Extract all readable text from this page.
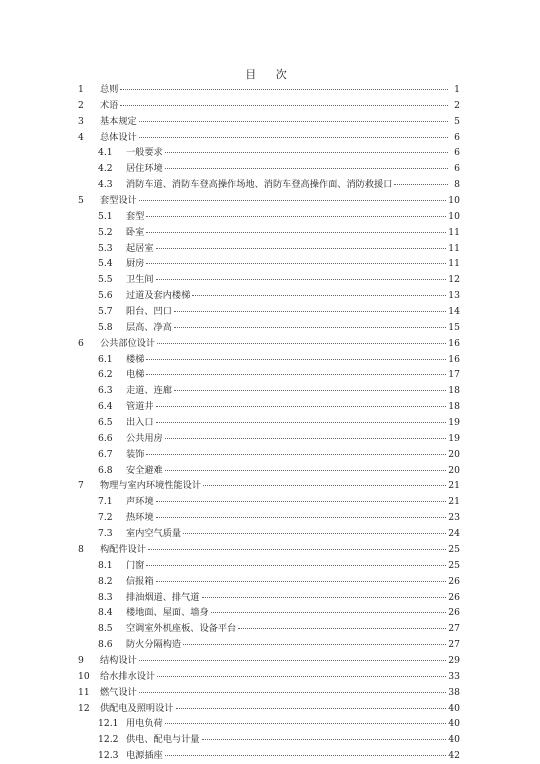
目 次
1	总则	1
2	术语	2
3	基本规定	5
4	总体设计	6
4.1	一般要求	6
4.2	居住环境	6
4.3	消防车道、消防车登高操作场地、消防车登高操作面、消防救援口	8
5	套型设计	10
5.1	套型	10
5.2	卧室	11
5.3	起居室	11
5.4	厨房	11
5.5	卫生间	12
5.6	过道及套内楼梯	13
5.7	阳台、凹口	14
5.8	层高、净高	15
6	公共部位设计	16
6.1	楼梯	16
6.2	电梯	17
6.3	走道、连廊	18
6.4	管道井	18
6.5	出入口	19
6.6	公共用房	19
6.7	装饰	20
6.8	安全避难	20
7	物理与室内环境性能设计	21
7.1	声环境	21
7.2	热环境	23
7.3	室内空气质量	24
8	构配件设计	25
8.1	门窗	25
8.2	信报箱	26
8.3	排油烟道、排气道	26
8.4	楼地面、屋面、墙身	26
8.5	空调室外机座板、设备平台	27
8.6	防火分隔构造	27
9	结构设计	29
10	给水排水设计	33
11	燃气设计	38
12	供配电及照明设计	40
12.1 用电负荷	40
12.2 供电、配电与计量	40
12.3 电源插座	42
